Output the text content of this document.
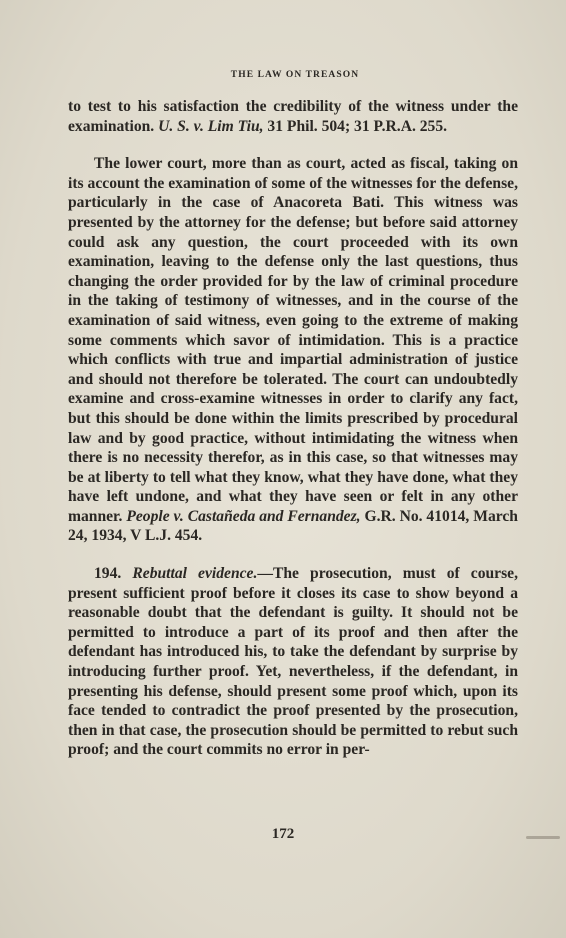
THE LAW ON TREASON

to test to his satisfaction the credibility of the witness under the examination. U. S. v. Lim Tiu, 31 Phil. 504; 31 P.R.A. 255.

The lower court, more than as court, acted as fiscal, taking on its account the examination of some of the witnesses for the defense, particularly in the case of Anacoreta Bati. This witness was presented by the attorney for the defense; but before said attorney could ask any question, the court proceeded with its own examination, leaving to the defense only the last questions, thus changing the order provided for by the law of criminal procedure in the taking of testimony of witnesses, and in the course of the examination of said witness, even going to the extreme of making some comments which savor of intimidation. This is a practice which conflicts with true and impartial administration of justice and should not therefore be tolerated. The court can undoubtedly examine and cross-examine witnesses in order to clarify any fact, but this should be done within the limits prescribed by procedural law and by good practice, without intimidating the witness when there is no necessity therefor, as in this case, so that witnesses may be at liberty to tell what they know, what they have done, what they have left undone, and what they have seen or felt in any other manner. People v. Castañeda and Fernandez, G.R. No. 41014, March 24, 1934, V L.J. 454.

194. Rebuttal evidence.—The prosecution, must of course, present sufficient proof before it closes its case to show beyond a reasonable doubt that the defendant is guilty. It should not be permitted to introduce a part of its proof and then after the defendant has introduced his, to take the defendant by surprise by introducing further proof. Yet, nevertheless, if the defendant, in presenting his defense, should present some proof which, upon its face tended to contradict the proof presented by the prosecution, then in that case, the prosecution should be permitted to rebut such proof; and the court commits no error in per-

172
